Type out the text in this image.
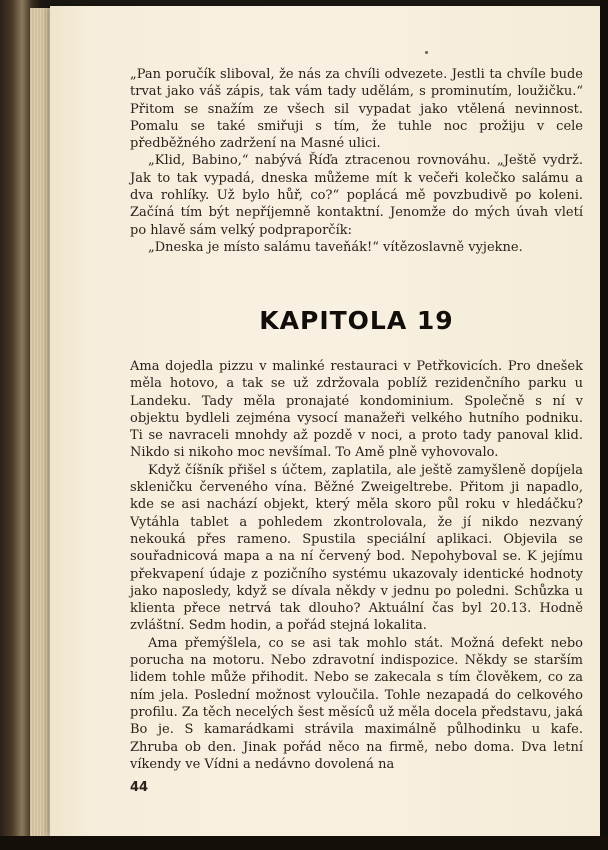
„Pan poručík sliboval, že nás za chvíli odvezete. Jestli ta chvíle bude trvat jako váš zápis, tak vám tady udělám, s prominutím, loužičku.“ Přitom se snažím ze všech sil vypadat jako vtělená nevinnost. Pomalu se také smiřuji s tím, že tuhle noc prožiju v cele předběžného zadržení na Masné ulici.

„Klid, Babino,“ nabývá Říďa ztracenou rovnováhu. „Ještě vydrž. Jak to tak vypadá, dneska můžeme mít k večeři kolečko salámu a dva rohlíky. Už bylo hůř, co?“ poplácá mě povzbudivě po koleni. Začíná tím být nepříjemně kontaktní. Jenomže do mých úvah vletí po hlavě sám velký podpraporčík:

„Dneska je místo salámu taveňák!“ vítězoslavně vyjekne.

KAPITOLA 19

Ama dojedla pizzu v malinké restauraci v Petřkovicích. Pro dnešek měla hotovo, a tak se už zdržovala poblíž rezidenčního parku u Landeku. Tady měla pronajaté kondominium. Společně s ní v objektu bydleli zejména vysocí manažeři velkého hutního podniku. Ti se navraceli mnohdy až pozdě v noci, a proto tady panoval klid. Nikdo si nikoho moc nevšímal. To Amě plně vyhovovalo.

Když číšník přišel s účtem, zaplatila, ale ještě zamyšleně dopíjela skleničku červeného vína. Běžné Zweigeltrebe. Přitom ji napadlo, kde se asi nachází objekt, který měla skoro půl roku v hledáčku? Vytáhla tablet a pohledem zkontrolovala, že jí nikdo nezvaný nekouká přes rameno. Spustila speciální aplikaci. Objevila se souřadnicová mapa a na ní červený bod. Nepohyboval se. K jejímu překvapení údaje z pozičního systému ukazovaly identické hodnoty jako naposledy, když se dívala někdy v jednu po poledni. Schůzka u klienta přece netrvá tak dlouho? Aktuální čas byl 20.13. Hodně zvláštní. Sedm hodin, a pořád stejná lokalita.

Ama přemýšlela, co se asi tak mohlo stát. Možná defekt nebo porucha na motoru. Nebo zdravotní indispozice. Někdy se starším lidem tohle může přihodit. Nebo se zakecala s tím člověkem, co za ním jela. Poslední možnost vyloučila. Tohle nezapadá do celkového profilu. Za těch necelých šest měsíců už měla docela představu, jaká Bo je. S kamarádkami strávila maximálně půlhodinku u kafe. Zhruba ob den. Jinak pořád něco na firmě, nebo doma. Dva letní víkendy ve Vídni a nedávno dovolená na

44
